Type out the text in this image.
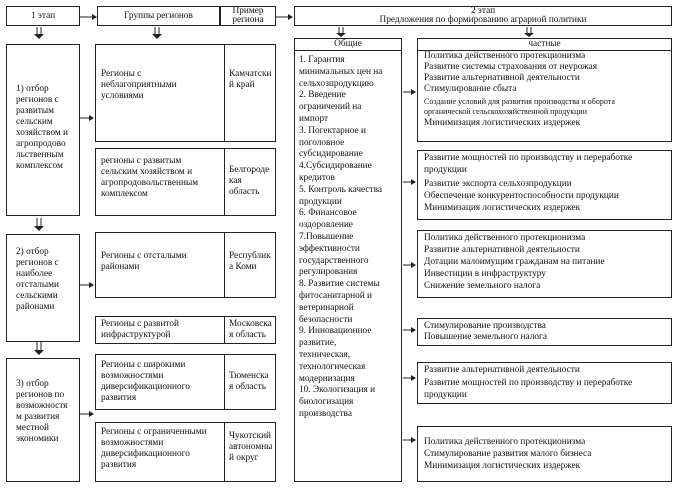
1 этап	Группы регионов	Пример
региона
2 этап
Предложения по формированию аграрной политики
1) отбор
регионов с
развитым
сельским
хозяйством и
агропродово
льственным
комплексом
2) отбор
регионов с
наиболее
отсталыми
сельскими
районами
3) отбор
регионов по
возможностя
м развития
местной
экономики
Регионы с
неблагоприятными
условиями
Камчатски
й край
регионы с развитым
сельским хозяйством и
агропродовольственным
комплексом
Белгороде
кая
область
Регионы с отсталыми
районами
Республик
а Коми
Регионы с развитой
инфраструктурой
Московска
я область
Регионы с широкими
возможностями
диверсификационного
развития
Тюменска
я область
Регионы с ограниченными
возможностями
диверсификационного
развития
Чукотский
автономны
й округ
Общие
1. Гарантия
минимальных цен на
сельхозпродукцию
2. Введение
ограничений на
импорт
3. Погектарное и
поголовное
субсидирование
4.Субсидирование
кредитов
5. Контроль качества
продукции
6. Финансовое
оздоровление
7.Повышение
эффективности
государственного
регулирования
8. Развитие системы
фитосанитарной и
ветеринарной
безопасности
9. Инновационное
развитие,
техническая,
технологическая
модернизация
10. Экологизация и
биологизация
производства
частные
Политика действенного протекционизма
Развитие системы страхования от неурожая
Развитие альтернативной деятельности
Стимулирование сбыта
Создание условий для развития производства и оборота
органической сельскохозяйственной продукции
Минимизация логистических издержек
Развитие мощностей по производству и переработке
продукции
Развитие экспорта сельхозпродукции
Обеспечение конкурентоспособности продукции
Минимизация логистических издержек
Политика действенного протекционизма
Развитие альтернативной деятельности
Дотации малоимущим гражданам на питание
Инвестиции в инфраструктуру
Снижение земельного налога
Стимулирование производства
Повышение земельного налога
Развитие альтернативной деятельности
Развитие мощностей по производству и переработке
продукции
Политика действенного протекционизма
Стимулирование развития малого бизнеса
Минимизация логистических издержек
